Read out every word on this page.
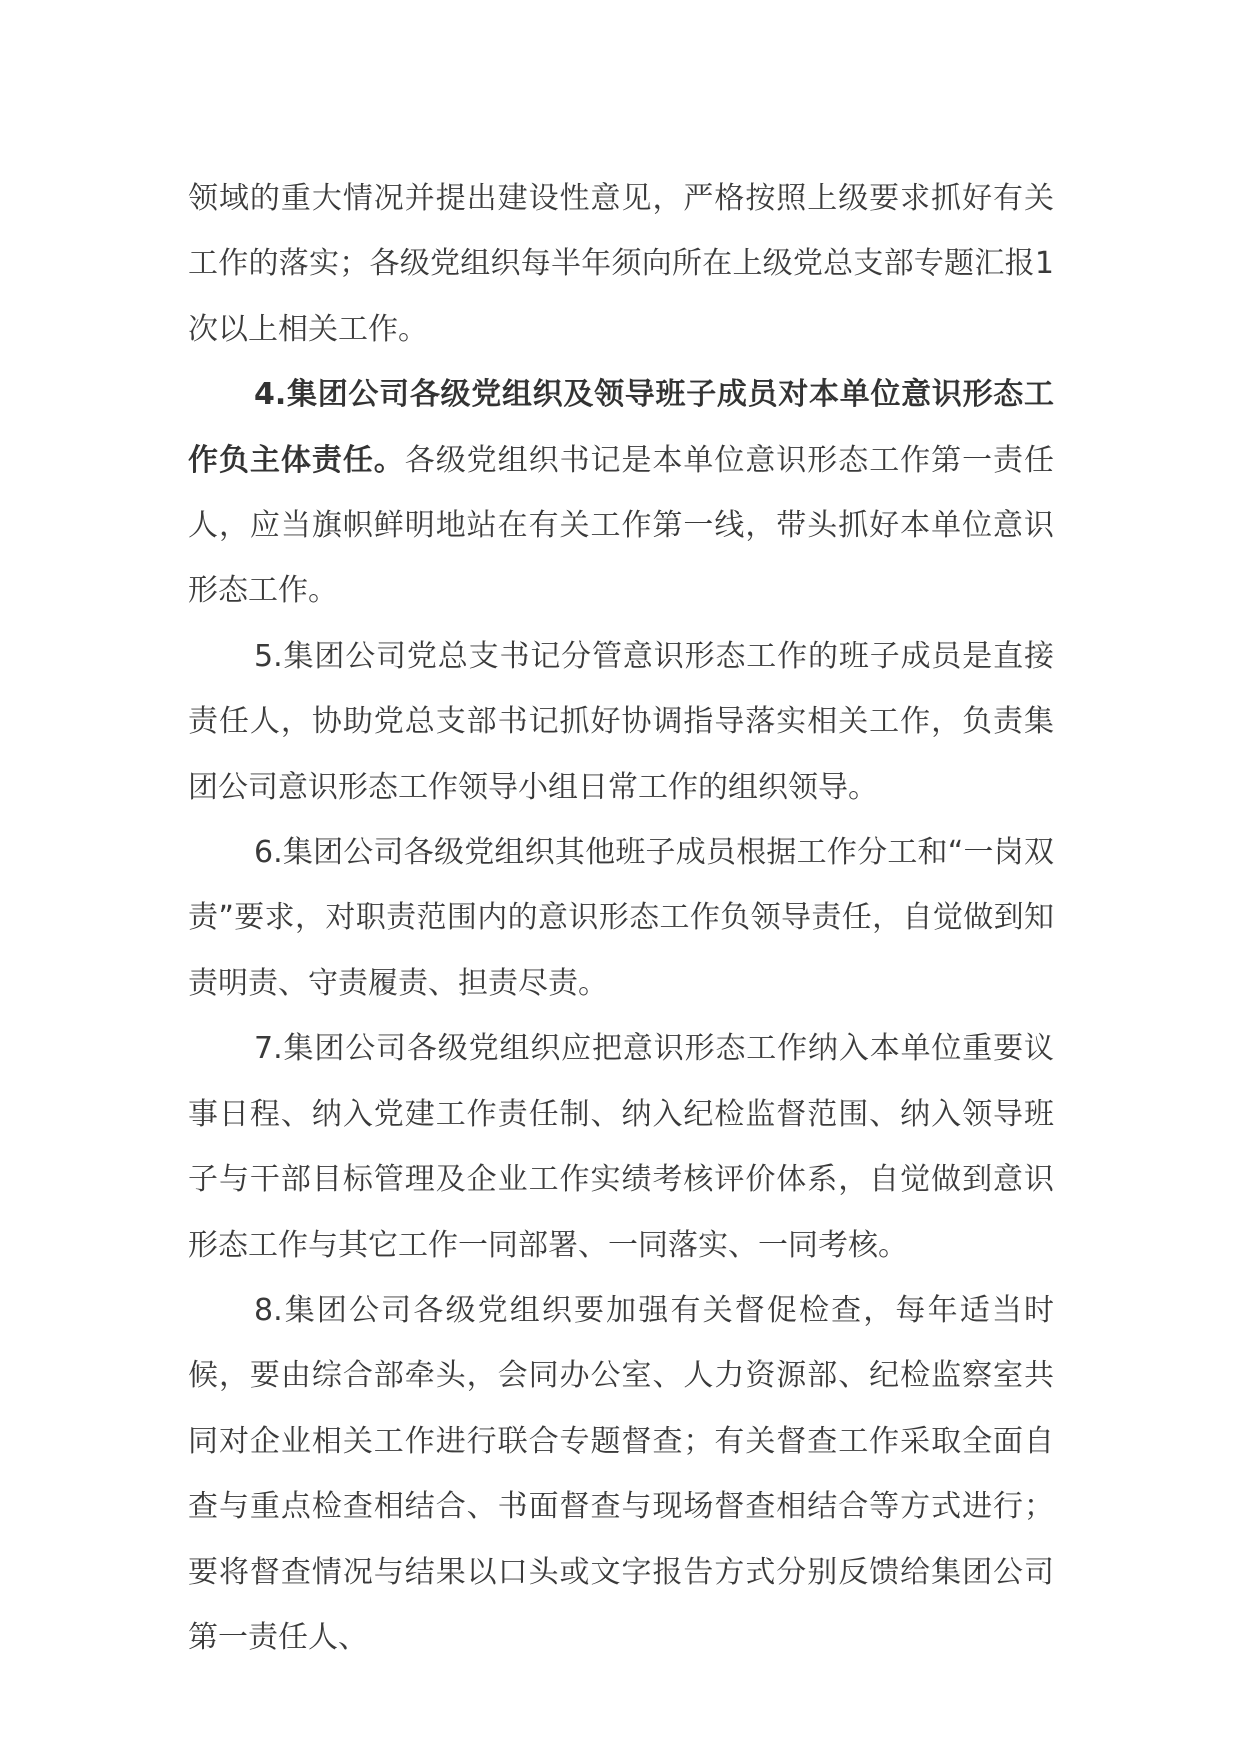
领域的重大情况并提出建设性意见，严格按照上级要求抓好有关工作的落实；各级党组织每半年须向所在上级党总支部专题汇报1次以上相关工作。

4.集团公司各级党组织及领导班子成员对本单位意识形态工作负主体责任。各级党组织书记是本单位意识形态工作第一责任人，应当旗帜鲜明地站在有关工作第一线，带头抓好本单位意识形态工作。

5.集团公司党总支书记分管意识形态工作的班子成员是直接责任人，协助党总支部书记抓好协调指导落实相关工作，负责集团公司意识形态工作领导小组日常工作的组织领导。

6.集团公司各级党组织其他班子成员根据工作分工和“一岗双责”要求，对职责范围内的意识形态工作负领导责任，自觉做到知责明责、守责履责、担责尽责。

7.集团公司各级党组织应把意识形态工作纳入本单位重要议事日程、纳入党建工作责任制、纳入纪检监督范围、纳入领导班子与干部目标管理及企业工作实绩考核评价体系，自觉做到意识形态工作与其它工作一同部署、一同落实、一同考核。

8.集团公司各级党组织要加强有关督促检查，每年适当时候，要由综合部牵头，会同办公室、人力资源部、纪检监察室共同对企业相关工作进行联合专题督查；有关督查工作采取全面自查与重点检查相结合、书面督查与现场督查相结合等方式进行；要将督查情况与结果以口头或文字报告方式分别反馈给集团公司第一责任人、
